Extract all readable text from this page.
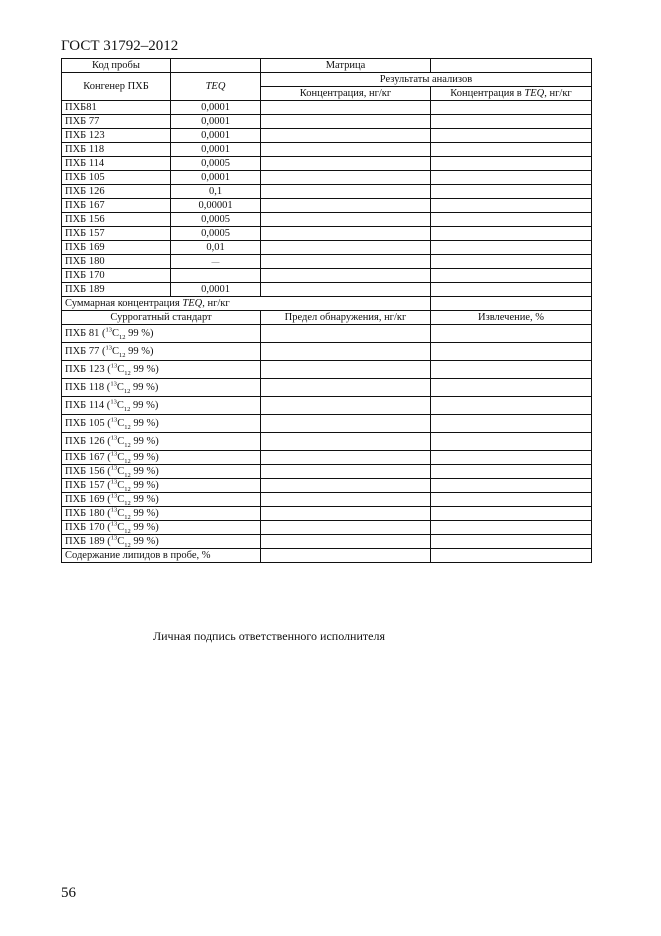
ГОСТ 31792–2012
Код пробы		Матрица	
Конгенер ПХБ	TEQ	Результаты анализов	
		Концентрация, нг/кг	Концентрация в TEQ, нг/кг
ПХБ81	0,0001		
ПХБ 77	0,0001		
ПХБ 123	0,0001		
ПХБ 118	0,0001		
ПХБ 114	0,0005		
ПХБ 105	0,0001		
ПХБ 126	0,1		
ПХБ 167	0,00001		
ПХБ 156	0,0005		
ПХБ 157	0,0005		
ПХБ 169	0,01		
ПХБ 180	—		
ПХБ 170			
ПХБ 189	0,0001		
Суммарная концентрация TEQ, нг/кг			
Суррогатный стандарт		Предел обнаружения, нг/кг	Извлечение, %
ПХБ 81 ($^{13}C_{12}$ 99 %)			
ПХБ 77 ($^{13}C_{12}$ 99 %)			
ПХБ 123 ($^{13}C_{12}$ 99 %)			
ПХБ 118 ($^{13}C_{12}$ 99 %)			
ПХБ 114 ($^{13}C_{12}$ 99 %)			
ПХБ 105 ($^{13}C_{12}$ 99 %)			
ПХБ 126 ($^{13}C_{12}$ 99 %)			
ПХБ 167 ($^{13}C_{12}$ 99 %)			
ПХБ 156 ($^{13}C_{12}$ 99 %)			
ПХБ 157 ($^{13}C_{12}$ 99 %)			
ПХБ 169 ($^{13}C_{12}$ 99 %)			
ПХБ 180 ($^{13}C_{12}$ 99 %)			
ПХБ 170 ($^{13}C_{12}$ 99 %)			
ПХБ 189 ($^{13}C_{12}$ 99 %)			
Содержание липидов в пробе, %			
Личная подпись ответственного исполнителя
56
